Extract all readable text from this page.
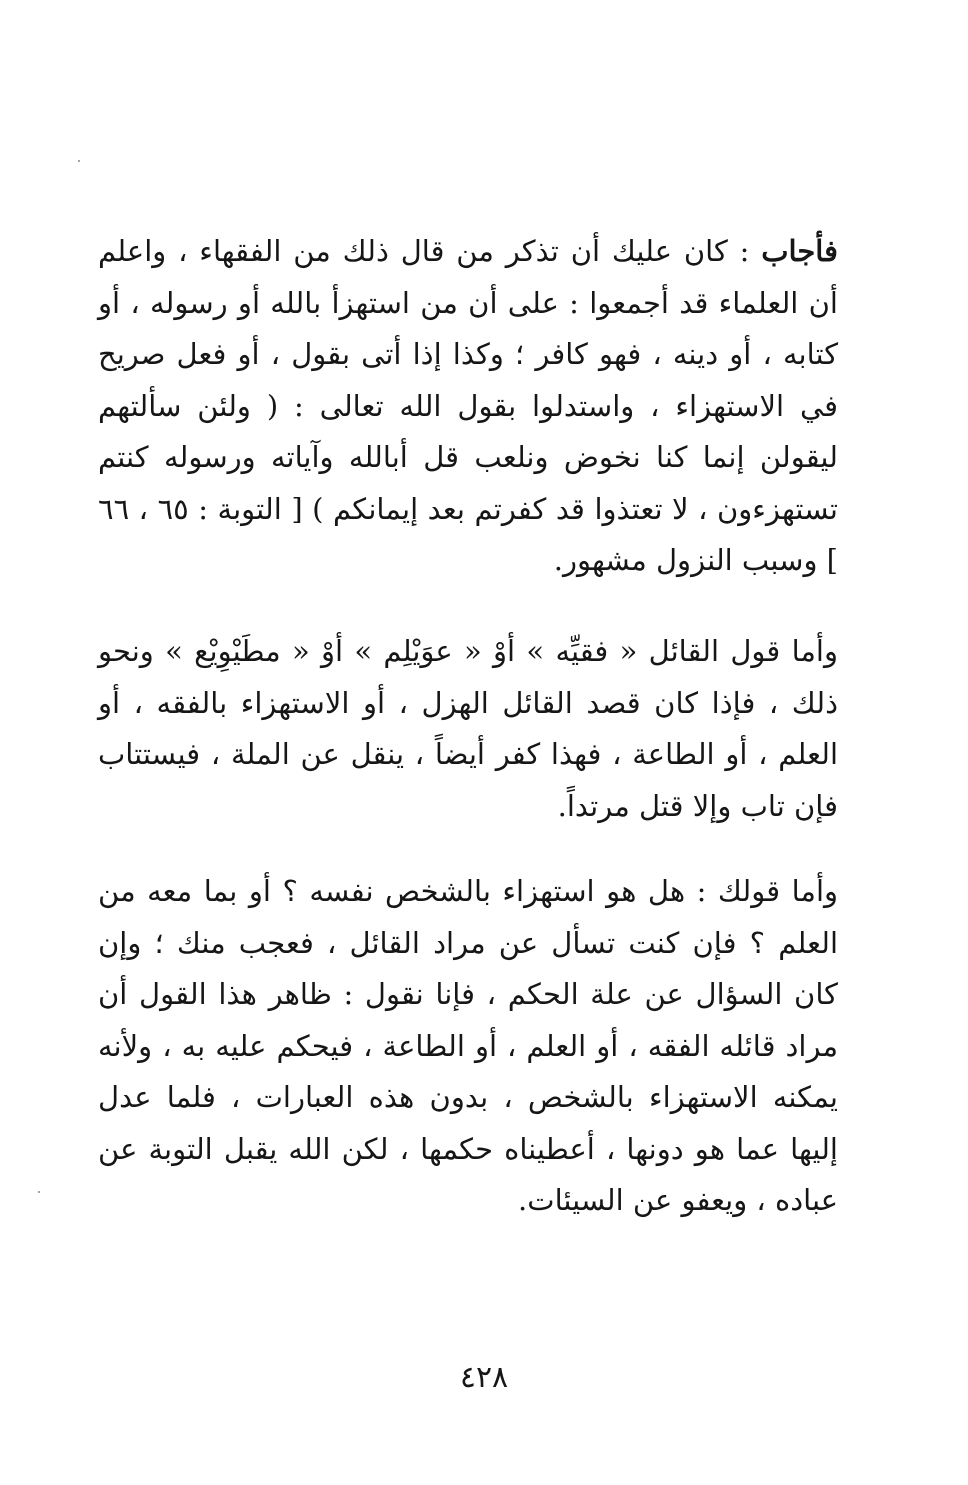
فأجاب : كان عليك أن تذكر من قال ذلك من الفقهاء ، واعلم أن العلماء قد أجمعوا : على أن من استهزأ بالله أو رسوله ، أو كتابه ، أو دينه ، فهو كافر ؛ وكذا إذا أتى بقول ، أو فعل صريح في الاستهزاء ، واستدلوا بقول الله تعالى : ( ولئن سألتهم ليقولن إنما كنا نخوض ونلعب قل أبالله وآياته ورسوله كنتم تستهزءون ، لا تعتذوا قد كفرتم بعد إيمانكم ) [ التوبة : ٦٥ ، ٦٦ ] وسبب النزول مشهور.

وأما قول القائل « فقيِّه » أوْ « عوَيْلِم » أوْ « مطَيْوِيْع » ونحو ذلك ، فإذا كان قصد القائل الهزل ، أو الاستهزاء بالفقه ، أو العلم ، أو الطاعة ، فهذا كفر أيضاً ، ينقل عن الملة ، فيستتاب فإن تاب وإلا قتل مرتداً.

وأما قولك : هل هو استهزاء بالشخص نفسه ؟ أو بما معه من العلم ؟ فإن كنت تسأل عن مراد القائل ، فعجب منك ؛ وإن كان السؤال عن علة الحكم ، فإنا نقول : ظاهر هذا القول أن مراد قائله الفقه ، أو العلم ، أو الطاعة ، فيحكم عليه به ، ولأنه يمكنه الاستهزاء بالشخص ، بدون هذه العبارات ، فلما عدل إليها عما هو دونها ، أعطيناه حكمها ، لكن الله يقبل التوبة عن عباده ، ويعفو عن السيئات.

٤٢٨
